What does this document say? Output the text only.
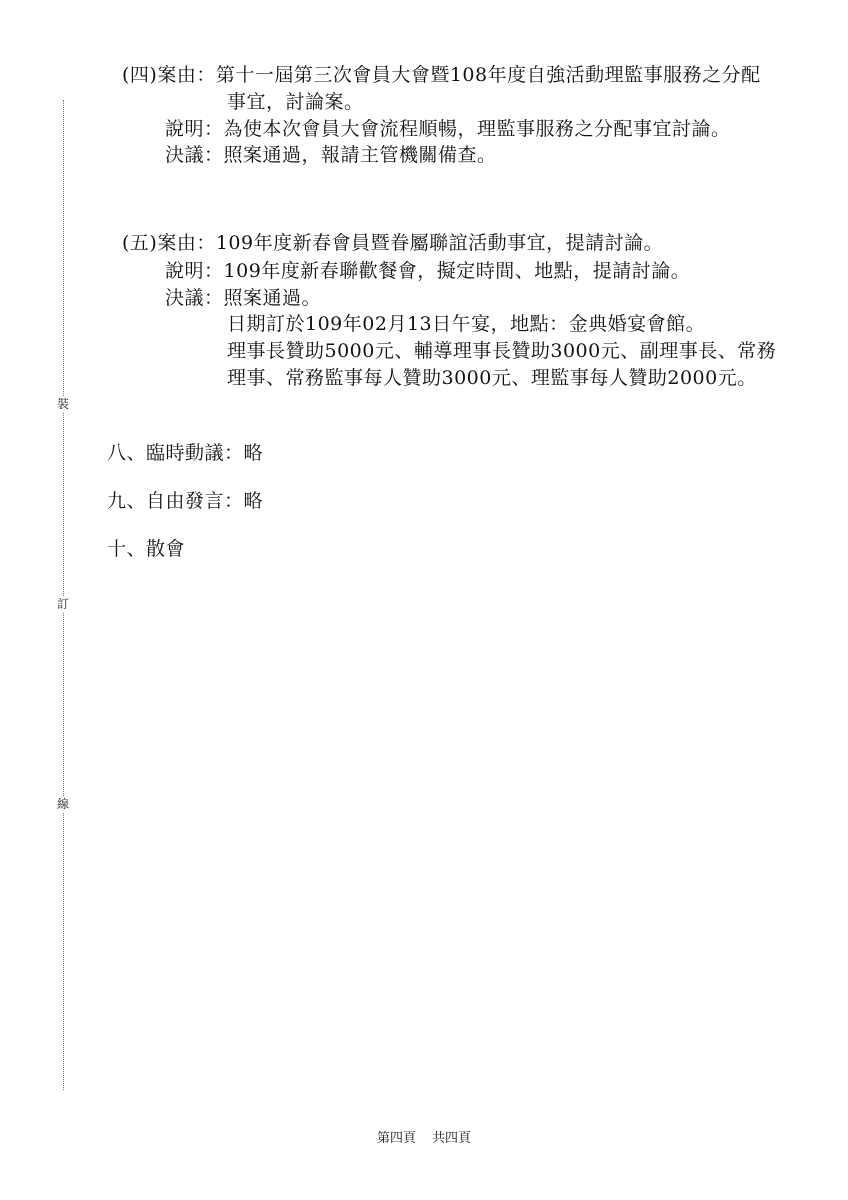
裝
訂
線
(四)案由：第十一屆第三次會員大會暨108年度自強活動理監事服務之分配
事宜，討論案。
說明：為使本次會員大會流程順暢，理監事服務之分配事宜討論。
決議：照案通過，報請主管機關備查。
(五)案由：109年度新春會員暨眷屬聯誼活動事宜，提請討論。
說明：109年度新春聯歡餐會，擬定時間、地點，提請討論。
決議：照案通過。
日期訂於109年02月13日午宴，地點：金典婚宴會館。
理事長贊助5000元、輔導理事長贊助3000元、副理事長、常務
理事、常務監事每人贊助3000元、理監事每人贊助2000元。
八、臨時動議：略
九、自由發言：略
十、散會
第四頁 共四頁
